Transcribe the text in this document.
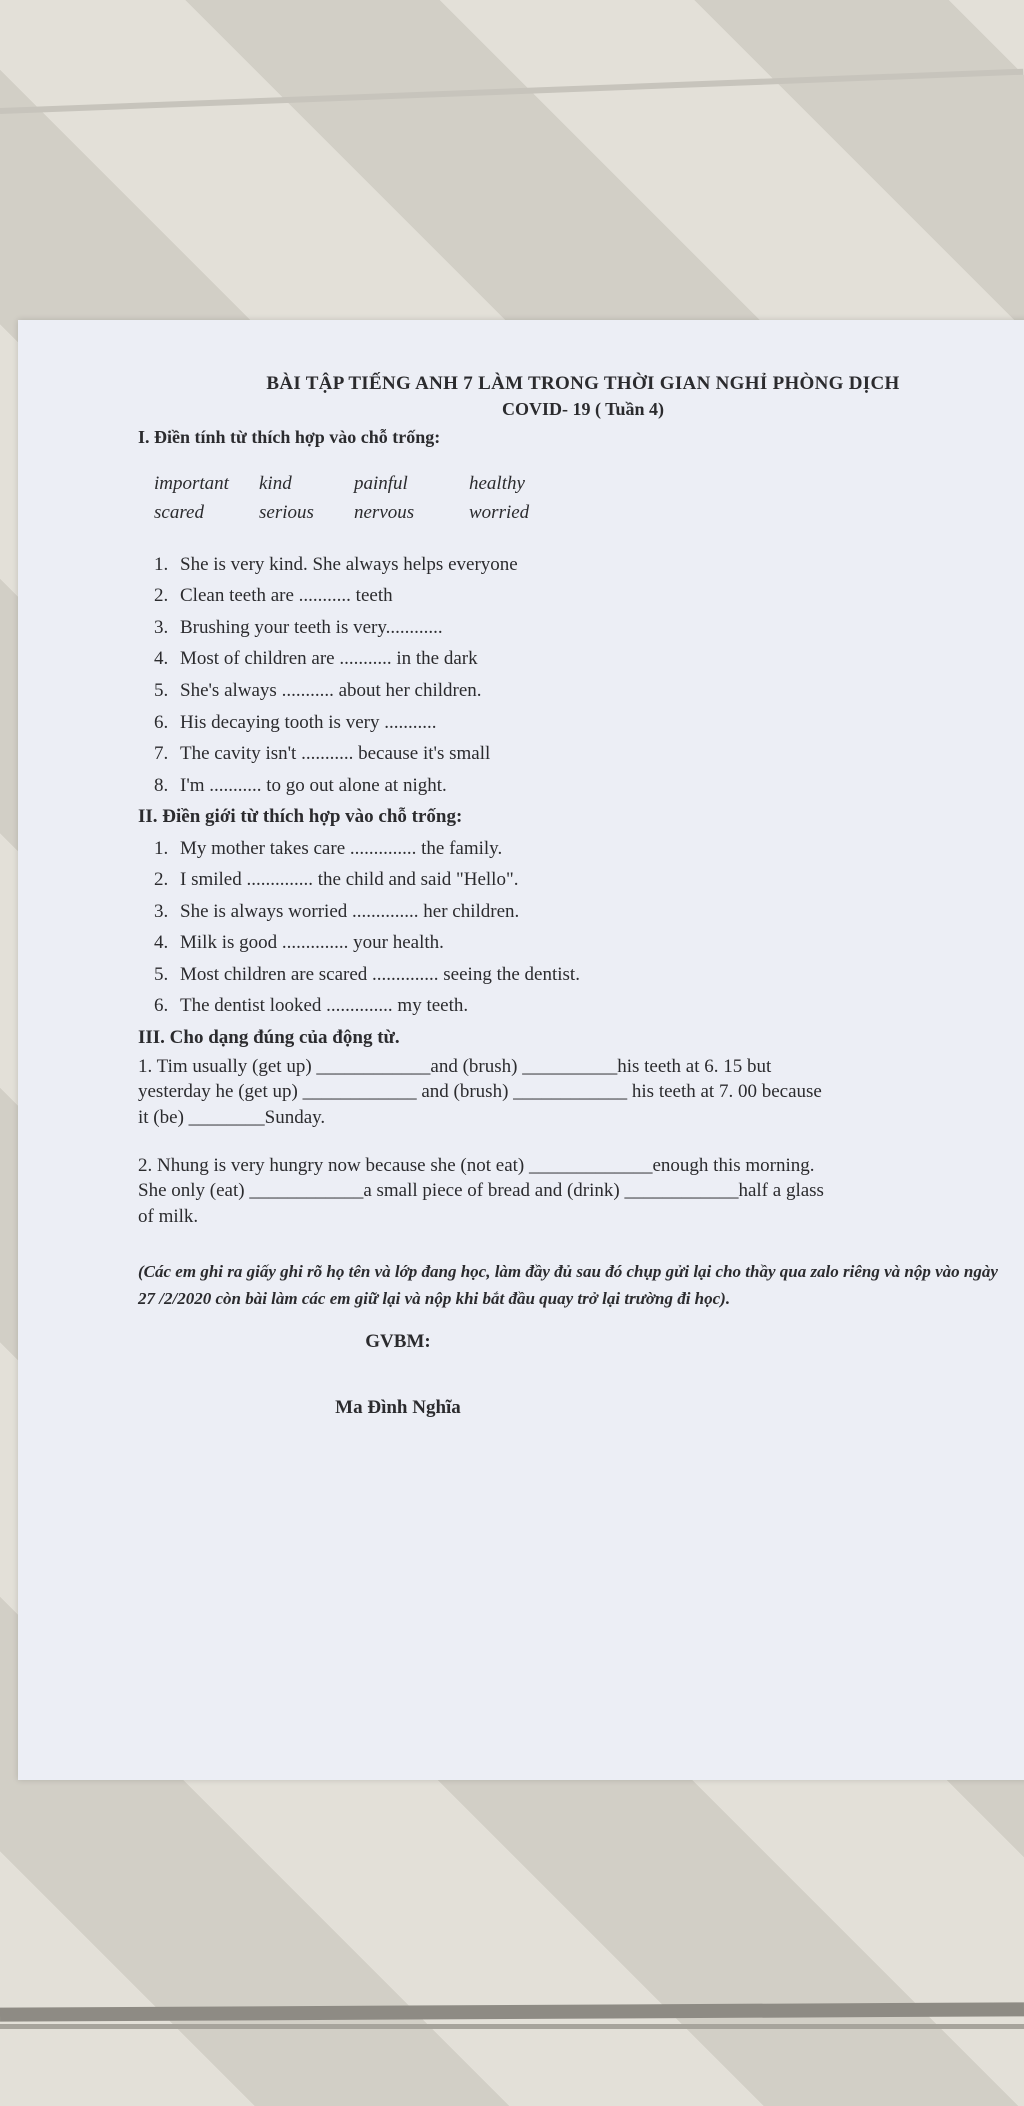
BÀI TẬP TIẾNG ANH 7 LÀM TRONG THỜI GIAN NGHỈ PHÒNG DỊCH
COVID- 19 ( Tuần 4)
I. Điền tính từ thích hợp vào chỗ trống:
important	kind	painful	healthy
scared	serious	nervous	worried
1. She is very kind. She always helps everyone
2. Clean teeth are ........... teeth
3. Brushing your teeth is very............
4. Most of children are ........... in the dark
5. She's always ........... about her children.
6. His decaying tooth is very ...........
7. The cavity isn't ........... because it's small
8. I'm ........... to go out alone at night.
II. Điền giới từ thích hợp vào chỗ trống:
1. My mother takes care .............. the family.
2. I smiled .............. the child and said "Hello".
3. She is always worried .............. her children.
4. Milk is good .............. your health.
5. Most children are scared .............. seeing the dentist.
6. The dentist looked .............. my teeth.
III. Cho dạng đúng của động từ.
1. Tim usually (get up) ____________and (brush) __________his teeth at 6. 15 but
yesterday he (get up) ____________ and (brush) ____________ his teeth at 7. 00 because
it (be) ________Sunday.
2. Nhung is very hungry now because she (not eat) _____________enough this morning.
She only (eat) ____________a small piece of bread and (drink) ____________half a glass
of milk.
(Các em ghi ra giấy ghi rõ họ tên và lớp đang học, làm đầy đủ sau đó chụp gửi lại cho thầy qua zalo riêng và nộp vào ngày 27 /2/2020 còn bài làm các em giữ lại và nộp khi bắt đầu quay trở lại trường đi học).
GVBM:
Ma Đình Nghĩa
